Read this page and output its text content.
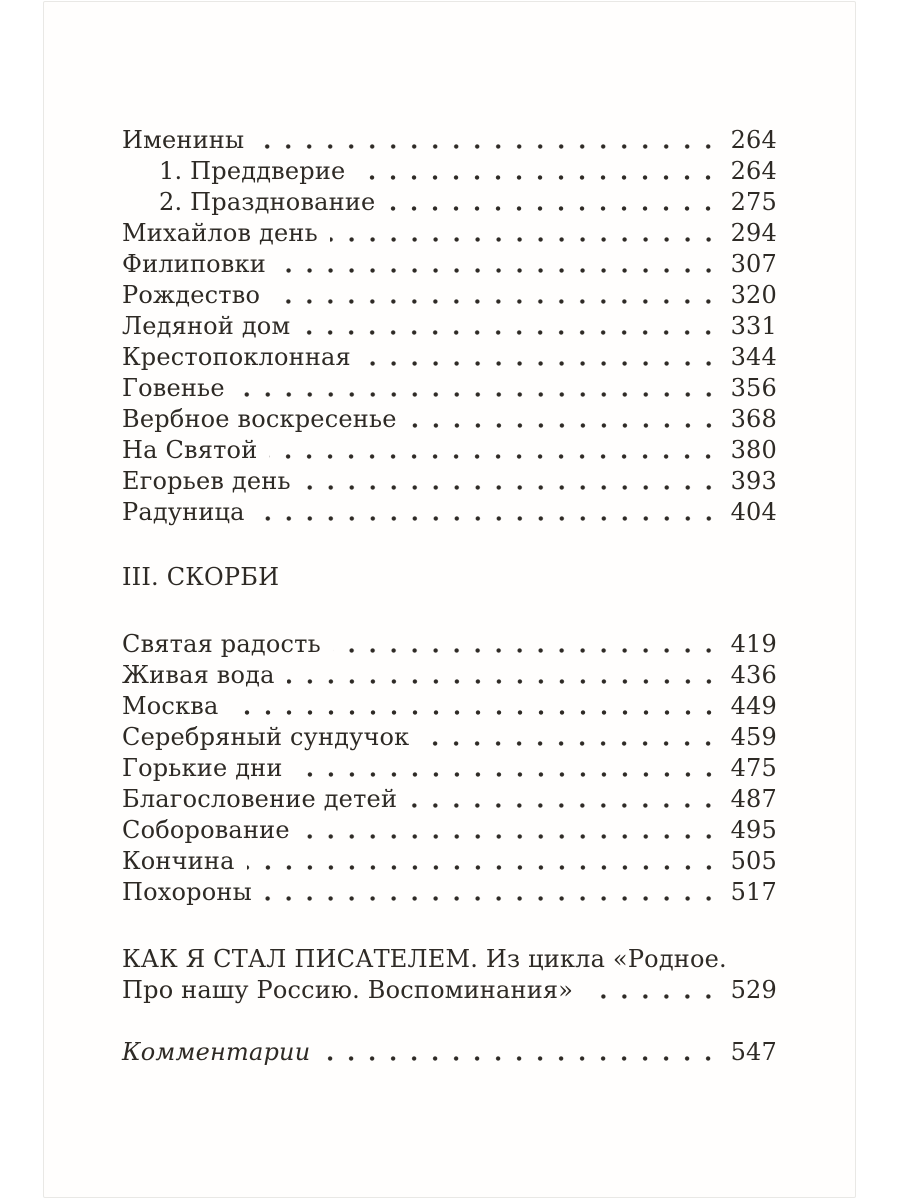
Именины	264
1. Преддверие	264
2. Празднование	275
Михайлов день	294
Филиповки	307
Рождество	320
Ледяной дом	331
Крестопоклонная	344
Говенье	356
Вербное воскресенье	368
На Святой	380
Егорьев день	393
Радуница	404
III. СКОРБИ
Святая радость	419
Живая вода	436
Москва	449
Серебряный сундучок	459
Горькие дни	475
Благословение детей	487
Соборование	495
Кончина	505
Похороны	517
КАК Я СТАЛ ПИСАТЕЛЕМ. Из цикла «Родное.
Про нашу Россию. Воспоминания»	529
Комментарии	547
